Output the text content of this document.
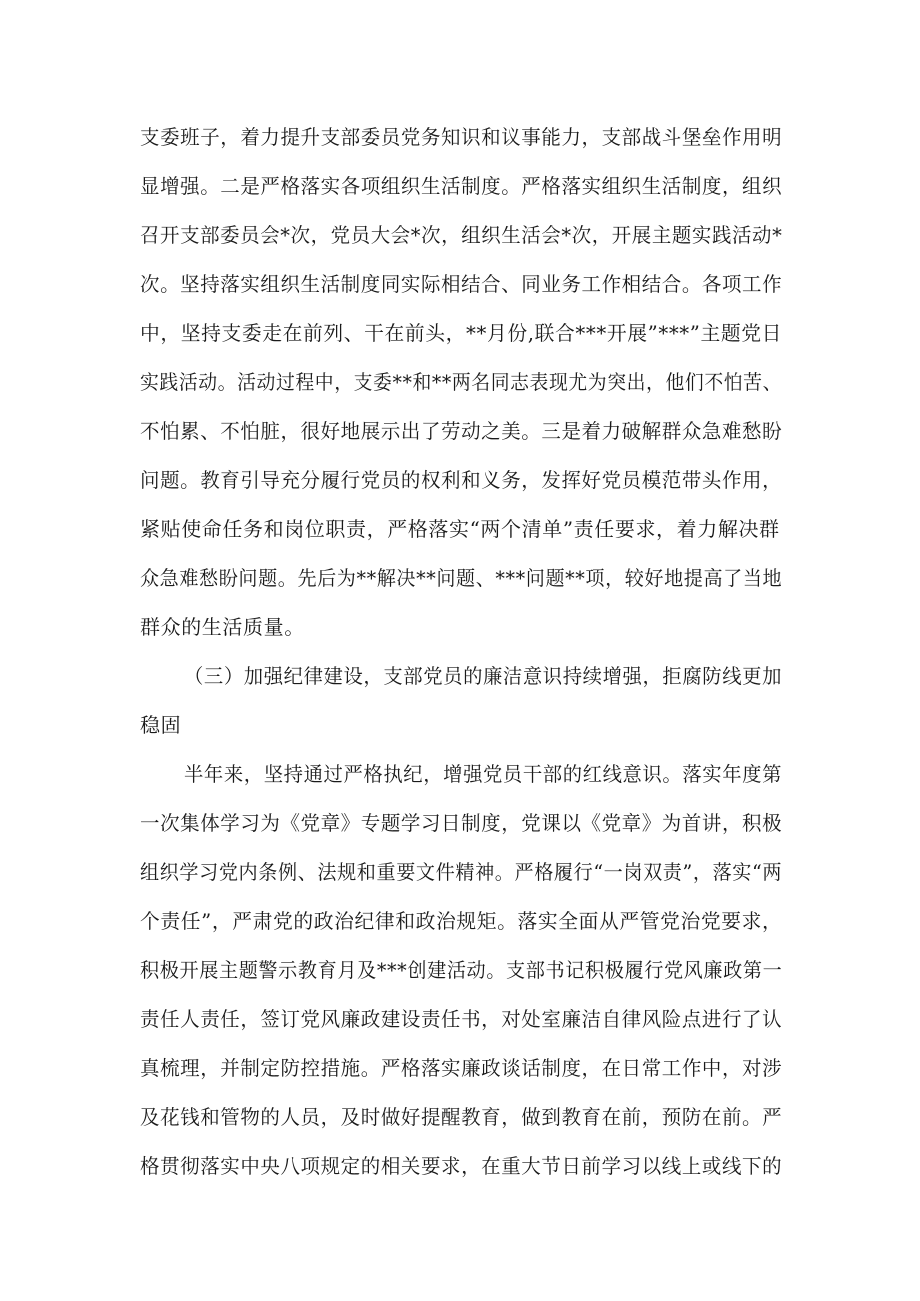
支委班子，着力提升支部委员党务知识和议事能力，支部战斗堡垒作用明
显增强。二是严格落实各项组织生活制度。严格落实组织生活制度，组织
召开支部委员会*次，党员大会*次，组织生活会*次，开展主题实践活动*
次。坚持落实组织生活制度同实际相结合、同业务工作相结合。各项工作
中，坚持支委走在前列、干在前头，**月份,联合***开展”***”主题党日
实践活动。活动过程中，支委**和**两名同志表现尤为突出，他们不怕苦、
不怕累、不怕脏，很好地展示出了劳动之美。三是着力破解群众急难愁盼
问题。教育引导充分履行党员的权利和义务，发挥好党员模范带头作用，
紧贴使命任务和岗位职责，严格落实“两个清单”责任要求，着力解决群
众急难愁盼问题。先后为**解决**问题、***问题**项，较好地提高了当地
群众的生活质量。
（三）加强纪律建设，支部党员的廉洁意识持续增强，拒腐防线更加
稳固
半年来，坚持通过严格执纪，增强党员干部的红线意识。落实年度第
一次集体学习为《党章》专题学习日制度，党课以《党章》为首讲，积极
组织学习党内条例、法规和重要文件精神。严格履行“一岗双责”，落实“两
个责任”，严肃党的政治纪律和政治规矩。落实全面从严管党治党要求，
积极开展主题警示教育月及***创建活动。支部书记积极履行党风廉政第一
责任人责任，签订党风廉政建设责任书，对处室廉洁自律风险点进行了认
真梳理，并制定防控措施。严格落实廉政谈话制度，在日常工作中，对涉
及花钱和管物的人员，及时做好提醒教育，做到教育在前，预防在前。严
格贯彻落实中央八项规定的相关要求，在重大节日前学习以线上或线下的
